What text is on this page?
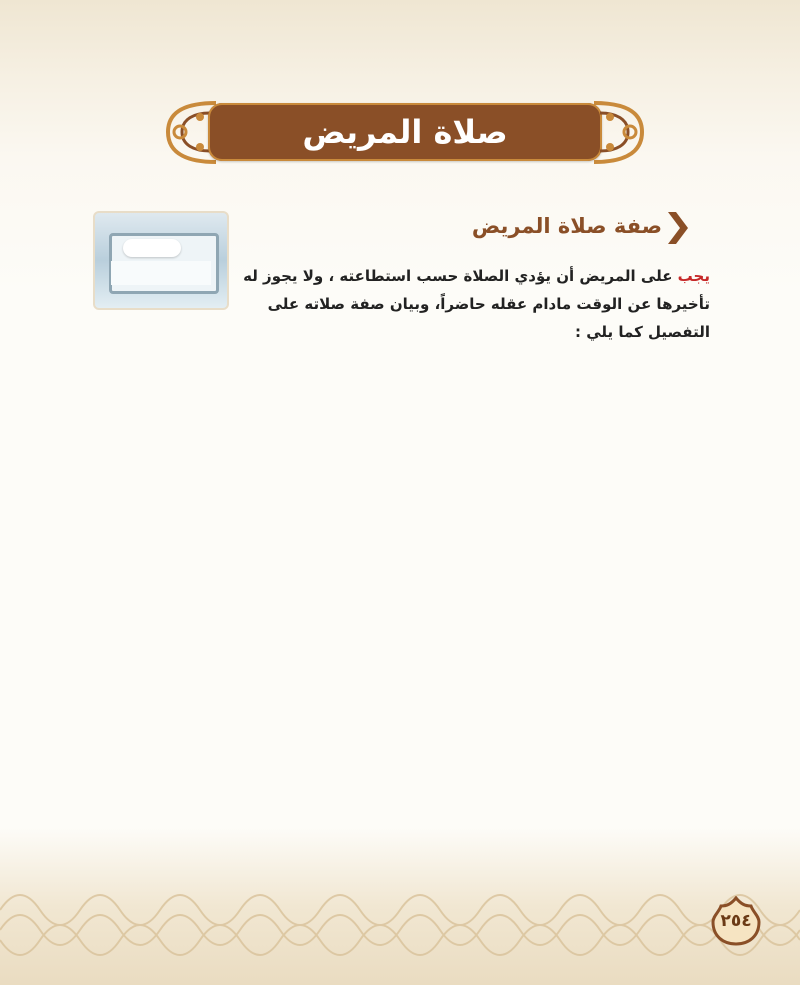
صلاة المريض
صفة صلاة المريض
يجب على المريض أن يؤدي الصلاة حسب استطاعته ، ولا يجوز له تأخيرها عن الوقت مادام عقله حاضراً، وبيان صفة صلاته على التفصيل كما يلي :
٢٥٤
